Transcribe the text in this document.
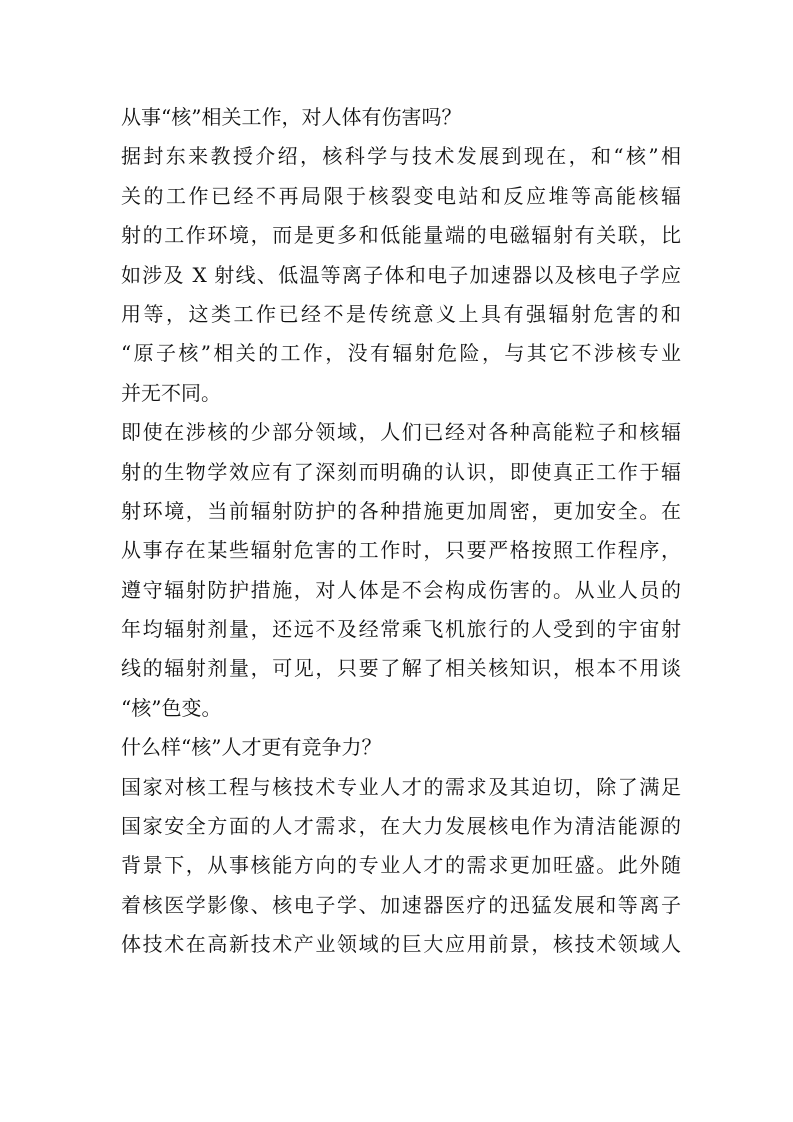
从事“核”相关工作，对人体有伤害吗？
据封东来教授介绍，核科学与技术发展到现在，和“核”相
关的工作已经不再局限于核裂变电站和反应堆等高能核辐
射的工作环境，而是更多和低能量端的电磁辐射有关联，比
如涉及 X 射线、低温等离子体和电子加速器以及核电子学应
用等，这类工作已经不是传统意义上具有强辐射危害的和
“原子核”相关的工作，没有辐射危险，与其它不涉核专业
并无不同。
即使在涉核的少部分领域，人们已经对各种高能粒子和核辐
射的生物学效应有了深刻而明确的认识，即使真正工作于辐
射环境，当前辐射防护的各种措施更加周密，更加安全。在
从事存在某些辐射危害的工作时，只要严格按照工作程序，
遵守辐射防护措施，对人体是不会构成伤害的。从业人员的
年均辐射剂量，还远不及经常乘飞机旅行的人受到的宇宙射
线的辐射剂量，可见，只要了解了相关核知识，根本不用谈
“核”色变。
什么样“核”人才更有竞争力？
国家对核工程与核技术专业人才的需求及其迫切，除了满足
国家安全方面的人才需求，在大力发展核电作为清洁能源的
背景下，从事核能方向的专业人才的需求更加旺盛。此外随
着核医学影像、核电子学、加速器医疗的迅猛发展和等离子
体技术在高新技术产业领域的巨大应用前景，核技术领域人
